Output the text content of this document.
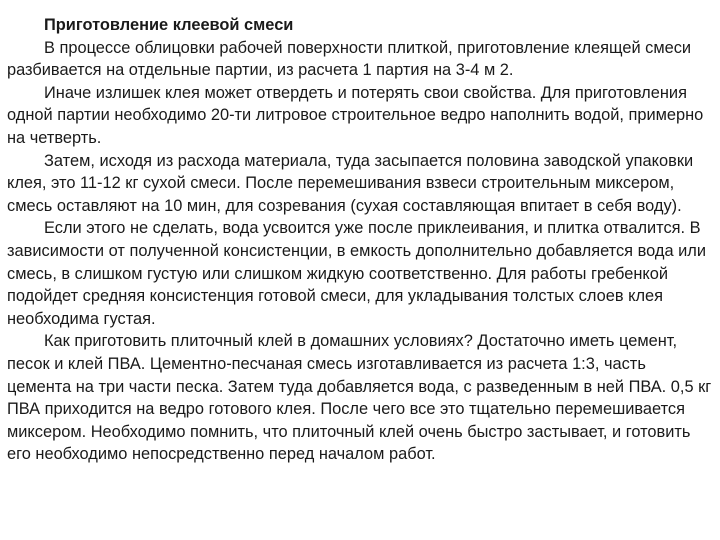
Приготовление клеевой смеси

В процессе облицовки рабочей поверхности плиткой, приготовление клеящей смеси разбивается на отдельные партии, из расчета 1 партия на 3-4 м 2.

Иначе излишек клея может отвердеть и потерять свои свойства. Для приготовления одной партии необходимо 20-ти литровое строительное ведро наполнить водой, примерно на четверть.

Затем, исходя из расхода материала, туда засыпается половина заводской упаковки клея, это 11-12 кг сухой смеси. После перемешивания взвеси строительным миксером, смесь оставляют на 10 мин, для созревания (сухая составляющая впитает в себя воду).

Если этого не сделать, вода усвоится уже после приклеивания, и плитка отвалится. В зависимости от полученной консистенции, в емкость дополнительно добавляется вода или смесь, в слишком густую или слишком жидкую соответственно. Для работы гребенкой подойдет средняя консистенция готовой смеси, для укладывания толстых слоев клея необходима густая.

Как приготовить плиточный клей в домашних условиях? Достаточно иметь цемент, песок и клей ПВА. Цементно-песчаная смесь изготавливается из расчета 1:3, часть цемента на три части песка. Затем туда добавляется вода, с разведенным в ней ПВА. 0,5 кг ПВА приходится на ведро готового клея. После чего все это тщательно перемешивается миксером. Необходимо помнить, что плиточный клей очень быстро застывает, и готовить его необходимо непосредственно перед началом работ.
